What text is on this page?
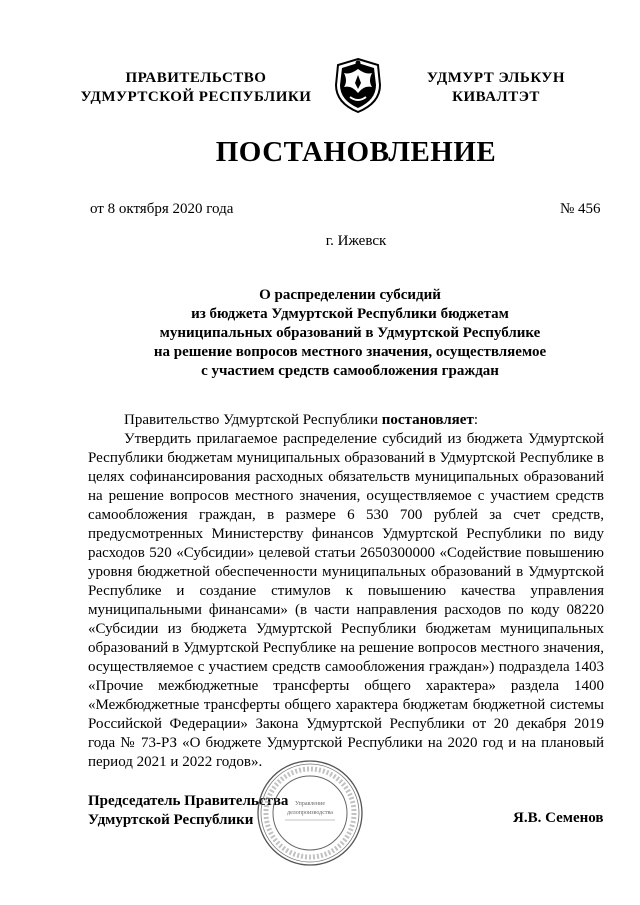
ПРАВИТЕЛЬСТВО
УДМУРТСКОЙ РЕСПУБЛИКИ
УДМУРТ ЭЛЬКУН
КИВАЛТЭТ
ПОСТАНОВЛЕНИЕ
от 8 октября 2020 года	№ 456
г. Ижевск
О распределении субсидий
из бюджета Удмуртской Республики бюджетам
муниципальных образований в Удмуртской Республике
на решение вопросов местного значения, осуществляемое
с участием средств самообложения граждан

Правительство Удмуртской Республики постановляет:

Утвердить прилагаемое распределение субсидий из бюджета Удмуртской Республики бюджетам муниципальных образований в Удмуртской Республике в целях софинансирования расходных обязательств муниципальных образований на решение вопросов местного значения, осуществляемое с участием средств самообложения граждан, в размере 6 530 700 рублей за счет средств, предусмотренных Министерству финансов Удмуртской Республики по виду расходов 520 «Субсидии» целевой статьи 2650300000 «Содействие повышению уровня бюджетной обеспеченности муниципальных образований в Удмуртской Республике и создание стимулов к повышению качества управления муниципальными финансами» (в части направления расходов по коду 08220 «Субсидии из бюджета Удмуртской Республики бюджетам муниципальных образований в Удмуртской Республике на решение вопросов местного значения, осуществляемое с участием средств самообложения граждан») подраздела 1403 «Прочие межбюджетные трансферты общего характера» раздела 1400 «Межбюджетные трансферты общего характера бюджетам бюджетной системы Российской Федерации» Закона Удмуртской Республики от 20 декабря 2019 года № 73-РЗ «О бюджете Удмуртской Республики на 2020 год и на плановый период 2021 и 2022 годов».

Председатель Правительства
Удмуртской Республики
Управление
делопроизводства	Я.В. Семенов
